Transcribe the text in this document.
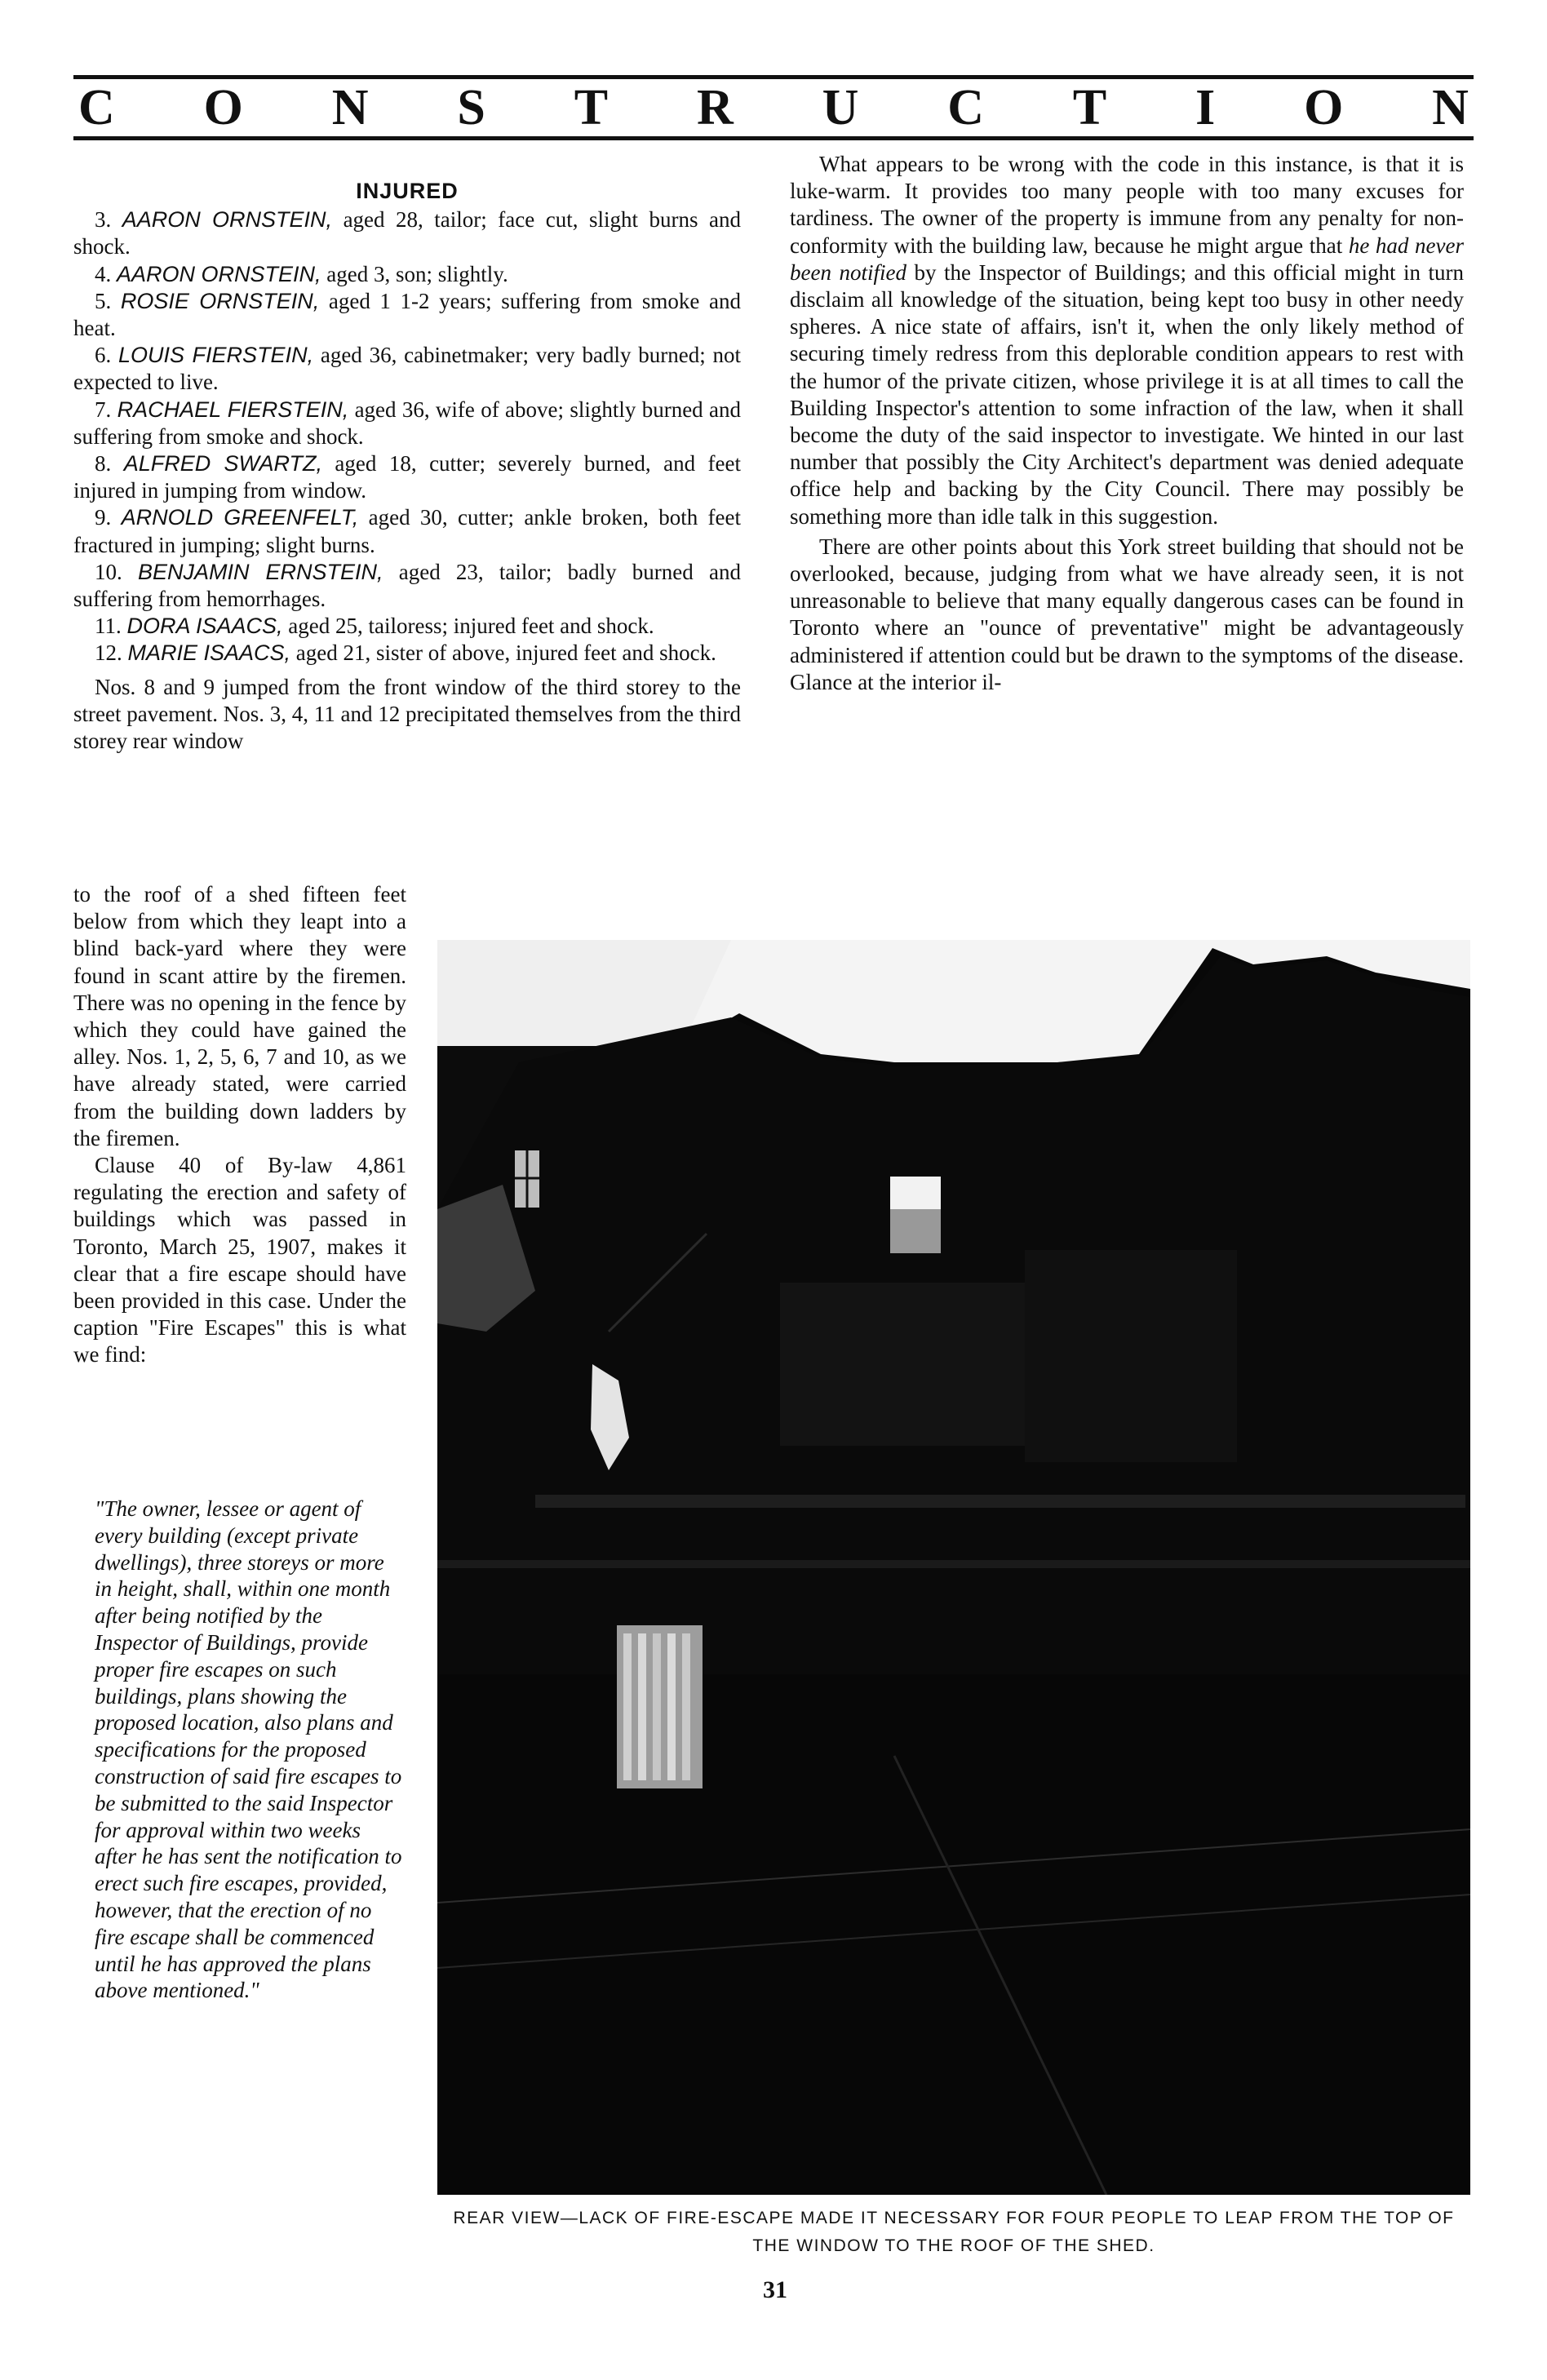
C O N S T R U C T I O N
INJURED

3. AARON ORNSTEIN, aged 28, tailor; face cut, slight burns and shock.

4. AARON ORNSTEIN, aged 3, son; slightly.

5. ROSIE ORNSTEIN, aged 1 1-2 years; suffering from smoke and heat.

6. LOUIS FIERSTEIN, aged 36, cabinetmaker; very badly burned; not expected to live.

7. RACHAEL FIERSTEIN, aged 36, wife of above; slightly burned and suffering from smoke and shock.

8. ALFRED SWARTZ, aged 18, cutter; severely burned, and feet injured in jumping from window.

9. ARNOLD GREENFELT, aged 30, cutter; ankle broken, both feet fractured in jumping; slight burns.

10. BENJAMIN ERNSTEIN, aged 23, tailor; badly burned and suffering from hemorrhages.

11. DORA ISAACS, aged 25, tailoress; injured feet and shock.

12. MARIE ISAACS, aged 21, sister of above, injured feet and shock.

Nos. 8 and 9 jumped from the front window of the third storey to the street pavement. Nos. 3, 4, 11 and 12 precipitated themselves from the third storey rear window

to the roof of a shed fifteen feet below from which they leapt into a blind back-yard where they were found in scant attire by the firemen. There was no opening in the fence by which they could have gained the alley. Nos. 1, 2, 5, 6, 7 and 10, as we have already stated, were carried from the building down ladders by the firemen.

Clause 40 of By-law 4,861 regulating the erection and safety of buildings which was passed in Toronto, March 25, 1907, makes it clear that a fire escape should have been provided in this case. Under the caption "Fire Escapes" this is what we find:

"The owner, lessee or agent of every building (except private dwellings), three storeys or more in height, shall, within one month after being notified by the Inspector of Buildings, provide proper fire escapes on such buildings, plans showing the proposed location, also plans and specifications for the proposed construction of said fire escapes to be submitted to the said Inspector for approval within two weeks after he has sent the notification to erect such fire escapes, provided, however, that the erection of no fire escape shall be commenced until he has approved the plans above mentioned."

What appears to be wrong with the code in this instance, is that it is luke-warm. It provides too many people with too many excuses for tardiness. The owner of the property is immune from any penalty for non-conformity with the building law, because he might argue that he had never been notified by the Inspector of Buildings; and this official might in turn disclaim all knowledge of the situation, being kept too busy in other needy spheres. A nice state of affairs, isn't it, when the only likely method of securing timely redress from this deplorable condition appears to rest with the humor of the private citizen, whose privilege it is at all times to call the Building Inspector's attention to some infraction of the law, when it shall become the duty of the said inspector to investigate. We hinted in our last number that possibly the City Architect's department was denied adequate office help and backing by the City Council. There may possibly be something more than idle talk in this suggestion.

There are other points about this York street building that should not be overlooked, because, judging from what we have already seen, it is not unreasonable to believe that many equally dangerous cases can be found in Toronto where an "ounce of preventative" might be advantageously administered if attention could but be drawn to the symptoms of the disease. Glance at the interior il-

REAR VIEW—LACK OF FIRE-ESCAPE MADE IT NECESSARY FOR FOUR PEOPLE TO LEAP FROM THE TOP OF THE WINDOW TO THE ROOF OF THE SHED.
31
